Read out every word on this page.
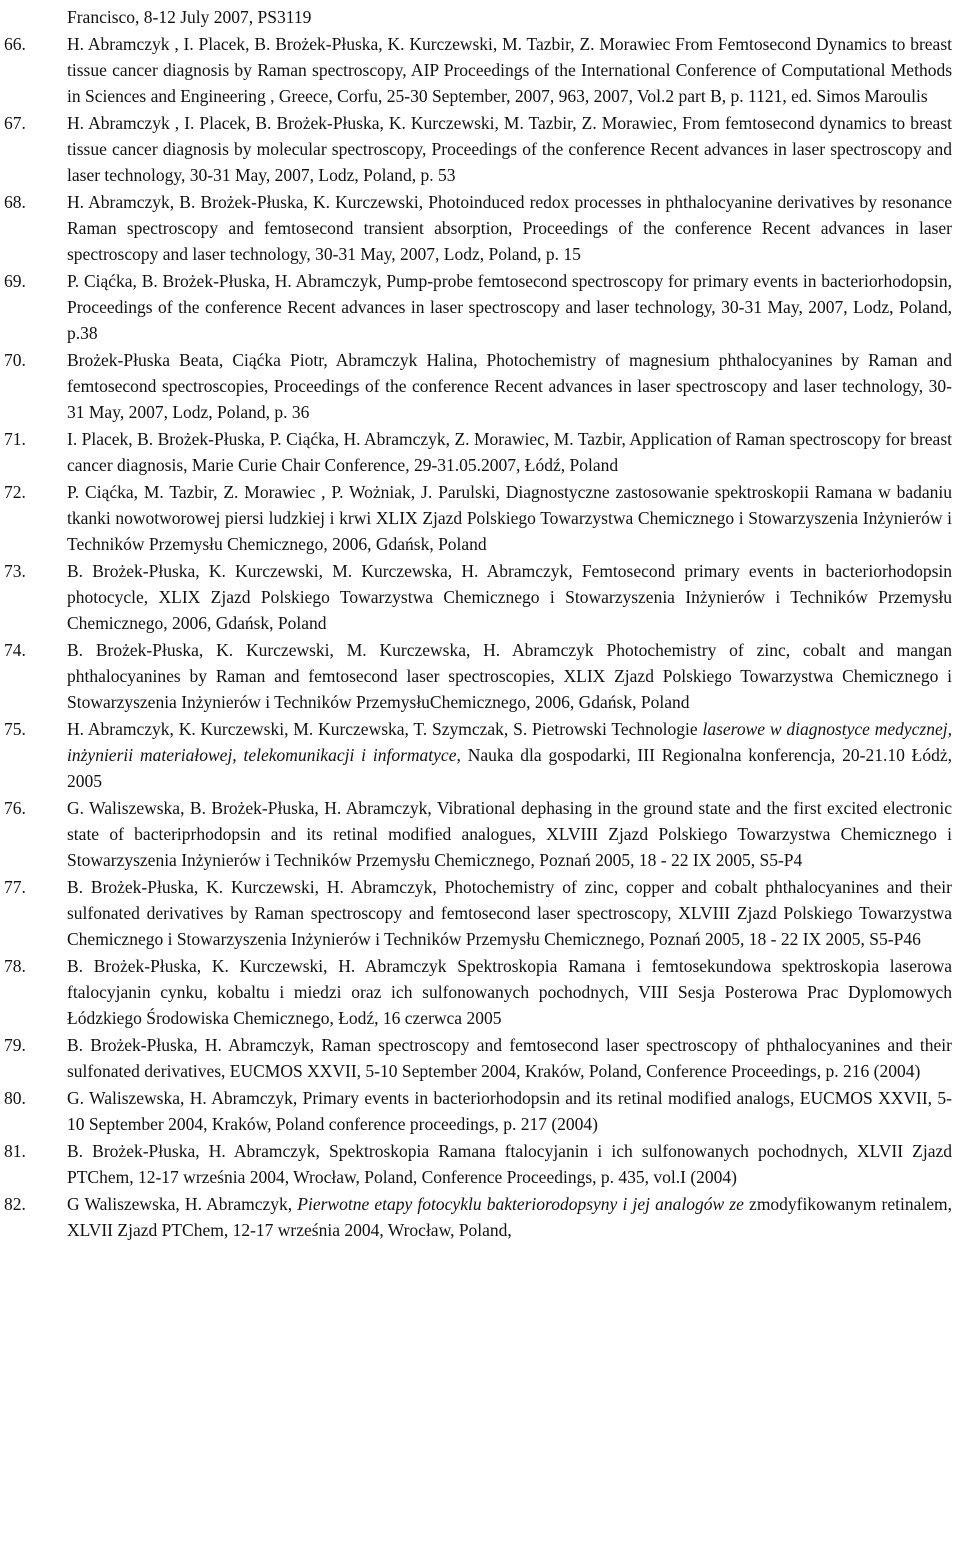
Francisco, 8-12 July 2007, PS3119
66.	H. Abramczyk , I. Placek, B. Brożek-Płuska, K. Kurczewski, M. Tazbir, Z. Morawiec From Femtosecond Dynamics to breast tissue cancer diagnosis by Raman spectroscopy, AIP Proceedings of the International Conference of Computational Methods in Sciences and Engineering , Greece, Corfu, 25-30 September, 2007, 963, 2007, Vol.2 part B, p. 1121, ed. Simos Maroulis
67.	H. Abramczyk , I. Placek, B. Brożek-Płuska, K. Kurczewski, M. Tazbir, Z. Morawiec, From femtosecond dynamics to breast tissue cancer diagnosis by molecular spectroscopy, Proceedings of the conference Recent advances in laser spectroscopy and laser technology, 30-31 May, 2007, Lodz, Poland, p. 53
68.	H. Abramczyk, B. Brożek-Płuska, K. Kurczewski, Photoinduced redox processes in phthalocyanine derivatives by resonance Raman spectroscopy and femtosecond transient absorption, Proceedings of the conference Recent advances in laser spectroscopy and laser technology, 30-31 May, 2007, Lodz, Poland, p. 15
69.	P. Ciąćka, B. Brożek-Płuska, H. Abramczyk, Pump-probe femtosecond spectroscopy for primary events in bacteriorhodopsin, Proceedings of the conference Recent advances in laser spectroscopy and laser technology, 30-31 May, 2007, Lodz, Poland, p.38
70.	Brożek-Płuska Beata, Ciąćka Piotr, Abramczyk Halina, Photochemistry of magnesium phthalocyanines by Raman and femtosecond spectroscopies, Proceedings of the conference Recent advances in laser spectroscopy and laser technology, 30-31 May, 2007, Lodz, Poland, p. 36
71.	I. Placek, B. Brożek-Płuska, P. Ciąćka, H. Abramczyk, Z. Morawiec, M. Tazbir, Application of Raman spectroscopy for breast cancer diagnosis, Marie Curie Chair Conference, 29-31.05.2007, Łódź, Poland
72.	P. Ciąćka, M. Tazbir, Z. Morawiec , P. Wożniak, J. Parulski, Diagnostyczne zastosowanie spektroskopii Ramana w badaniu tkanki nowotworowej piersi ludzkiej i krwi XLIX Zjazd Polskiego Towarzystwa Chemicznego i Stowarzyszenia Inżynierów i Techników Przemysłu Chemicznego, 2006, Gdańsk, Poland
73.	B. Brożek-Płuska, K. Kurczewski, M. Kurczewska, H. Abramczyk, Femtosecond primary events in bacteriorhodopsin photocycle, XLIX Zjazd Polskiego Towarzystwa Chemicznego i Stowarzyszenia Inżynierów i Techników Przemysłu Chemicznego, 2006, Gdańsk, Poland
74.	B. Brożek-Płuska, K. Kurczewski, M. Kurczewska, H. Abramczyk Photochemistry of zinc, cobalt and mangan phthalocyanines by Raman and femtosecond laser spectroscopies, XLIX Zjazd Polskiego Towarzystwa Chemicznego i Stowarzyszenia Inżynierów i Techników PrzemysłuChemicznego, 2006, Gdańsk, Poland
75.	H. Abramczyk, K. Kurczewski, M. Kurczewska, T. Szymczak, S. Pietrowski Technologie laserowe w diagnostyce medycznej, inżynierii materiałowej, telekomunikacji i informatyce, Nauka dla gospodarki, III Regionalna konferencja, 20-21.10 Łódż, 2005
76.	G. Waliszewska, B. Brożek-Płuska, H. Abramczyk, Vibrational dephasing in the ground state and the first excited electronic state of bacteriprhodopsin and its retinal modified analogues, XLVIII Zjazd Polskiego Towarzystwa Chemicznego i Stowarzyszenia Inżynierów i Techników Przemysłu Chemicznego, Poznań 2005, 18 - 22 IX 2005, S5-P4
77.	B. Brożek-Płuska, K. Kurczewski, H. Abramczyk, Photochemistry of zinc, copper and cobalt phthalocyanines and their sulfonated derivatives by Raman spectroscopy and femtosecond laser spectroscopy, XLVIII Zjazd Polskiego Towarzystwa Chemicznego i Stowarzyszenia Inżynierów i Techników Przemysłu Chemicznego, Poznań 2005, 18 - 22 IX 2005, S5-P46
78.	B. Brożek-Płuska, K. Kurczewski, H. Abramczyk Spektroskopia Ramana i femtosekundowa spektroskopia laserowa ftalocyjanin cynku, kobaltu i miedzi oraz ich sulfonowanych pochodnych, VIII Sesja Posterowa Prac Dyplomowych Łódzkiego Środowiska Chemicznego, Łodź, 16 czerwca 2005
79.	B. Brożek-Płuska, H. Abramczyk, Raman spectroscopy and femtosecond laser spectroscopy of phthalocyanines and their sulfonated derivatives, EUCMOS XXVII, 5-10 September 2004, Kraków, Poland, Conference Proceedings, p. 216 (2004)
80.	G. Waliszewska, H. Abramczyk, Primary events in bacteriorhodopsin and its retinal modified analogs, EUCMOS XXVII, 5-10 September 2004, Kraków, Poland conference proceedings, p. 217 (2004)
81.	B. Brożek-Płuska, H. Abramczyk, Spektroskopia Ramana ftalocyjanin i ich sulfonowanych pochodnych, XLVII Zjazd PTChem, 12-17 września 2004, Wrocław, Poland, Conference Proceedings, p. 435, vol.I (2004)
82.	G Waliszewska, H. Abramczyk, Pierwotne etapy fotocyklu bakteriorodopsyny i jej analogów ze zmodyfikowanym retinalem, XLVII Zjazd PTChem, 12-17 września 2004, Wrocław, Poland,
